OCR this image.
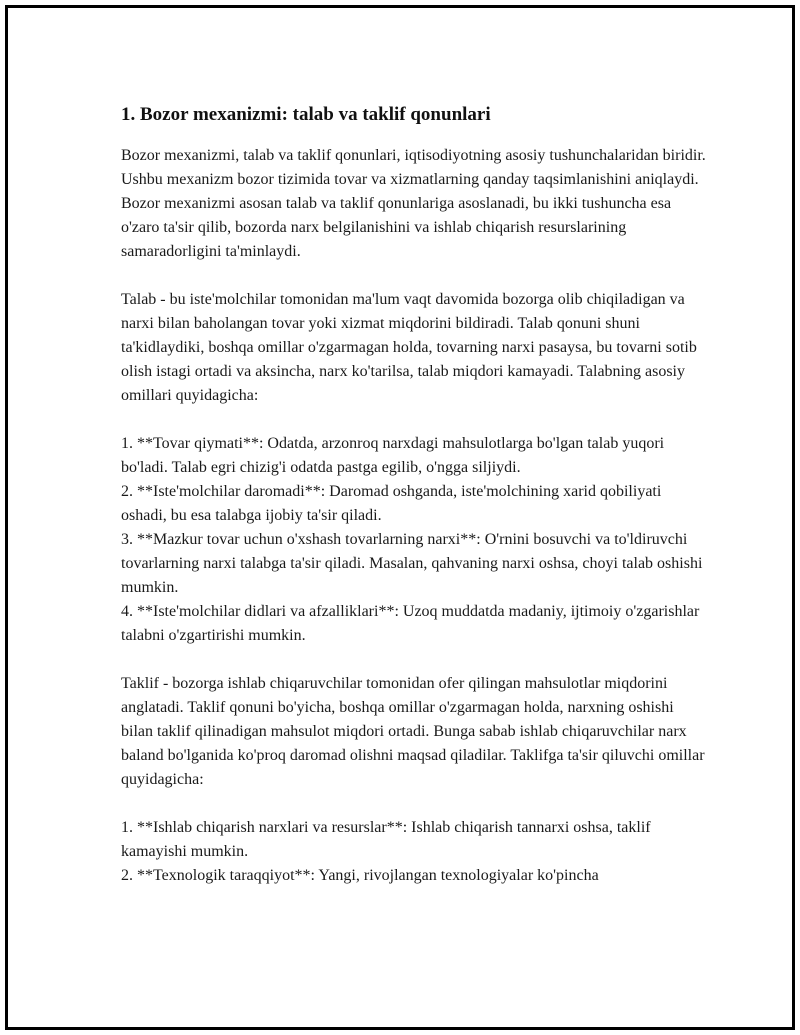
1. Bozor mexanizmi: talab va taklif qonunlari

Bozor mexanizmi, talab va taklif qonunlari, iqtisodiyotning asosiy tushunchalaridan biridir. Ushbu mexanizm bozor tizimida tovar va xizmatlarning qanday taqsimlanishini aniqlaydi. Bozor mexanizmi asosan talab va taklif qonunlariga asoslanadi, bu ikki tushuncha esa o'zaro ta'sir qilib, bozorda narx belgilanishini va ishlab chiqarish resurslarining samaradorligini ta'minlaydi.

Talab - bu iste'molchilar tomonidan ma'lum vaqt davomida bozorga olib chiqiladigan va narxi bilan baholangan tovar yoki xizmat miqdorini bildiradi. Talab qonuni shuni ta'kidlaydiki, boshqa omillar o'zgarmagan holda, tovarning narxi pasaysa, bu tovarni sotib olish istagi ortadi va aksincha, narx ko'tarilsa, talab miqdori kamayadi. Talabning asosiy omillari quyidagicha:

1. **Tovar qiymati**: Odatda, arzonroq narxdagi mahsulotlarga bo'lgan talab yuqori bo'ladi. Talab egri chizig'i odatda pastga egilib, o'ngga siljiydi.
2. **Iste'molchilar daromadi**: Daromad oshganda, iste'molchining xarid qobiliyati oshadi, bu esa talabga ijobiy ta'sir qiladi.
3. **Mazkur tovar uchun o'xshash tovarlarning narxi**: O'rnini bosuvchi va to'ldiruvchi tovarlarning narxi talabga ta'sir qiladi. Masalan, qahvaning narxi oshsa, choyi talab oshishi mumkin.
4. **Iste'molchilar didlari va afzalliklari**: Uzoq muddatda madaniy, ijtimoiy o'zgarishlar talabni o'zgartirishi mumkin.

Taklif - bozorga ishlab chiqaruvchilar tomonidan ofer qilingan mahsulotlar miqdorini anglatadi. Taklif qonuni bo'yicha, boshqa omillar o'zgarmagan holda, narxning oshishi bilan taklif qilinadigan mahsulot miqdori ortadi. Bunga sabab ishlab chiqaruvchilar narx baland bo'lganida ko'proq daromad olishni maqsad qiladilar. Taklifga ta'sir qiluvchi omillar quyidagicha:

1. **Ishlab chiqarish narxlari va resurslar**: Ishlab chiqarish tannarxi oshsa, taklif kamayishi mumkin.
2. **Texnologik taraqqiyot**: Yangi, rivojlangan texnologiyalar ko'pincha
